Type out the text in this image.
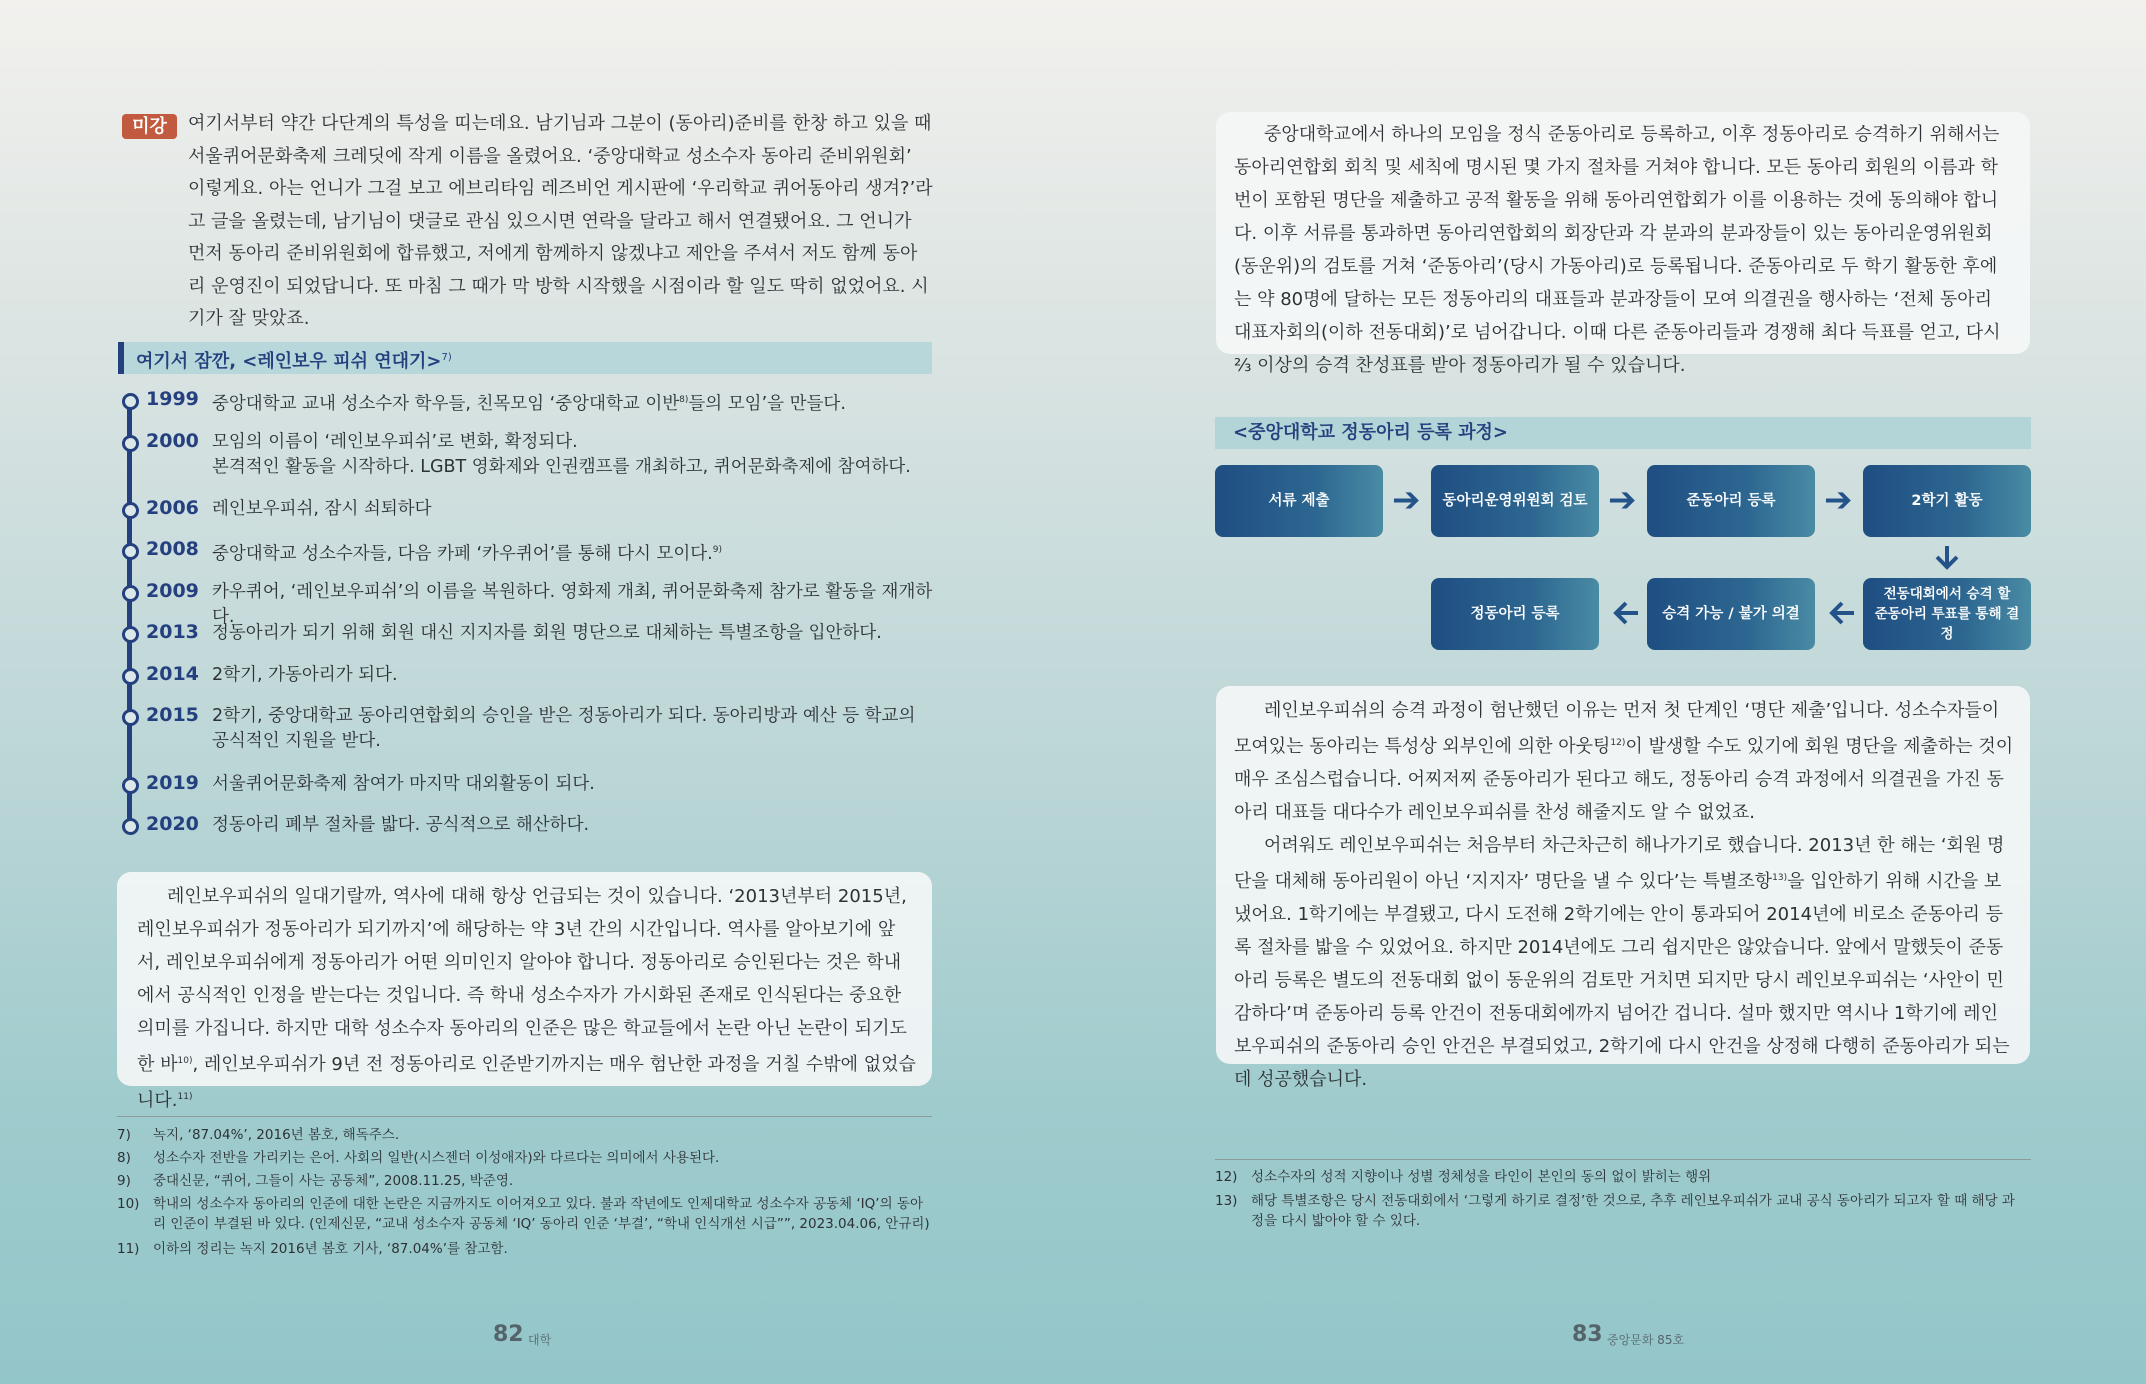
미강	여기서부터 약간 다단계의 특성을 띠는데요. 남기님과 그분이 (동아리)준비를 한창 하고 있을 때 서울퀴어문화축제 크레딧에 작게 이름을 올렸어요. ‘중앙대학교 성소수자 동아리 준비위원회’ 이렇게요. 아는 언니가 그걸 보고 에브리타임 레즈비언 게시판에 ‘우리학교 퀴어동아리 생겨?’라고 글을 올렸는데, 남기님이 댓글로 관심 있으시면 연락을 달라고 해서 연결됐어요. 그 언니가 먼저 동아리 준비위원회에 합류했고, 저에게 함께하지 않겠냐고 제안을 주셔서 저도 함께 동아리 운영진이 되었답니다. 또 마침 그 때가 막 방학 시작했을 시점이라 할 일도 딱히 없었어요. 시기가 잘 맞았죠.

여기서 잠깐, <레인보우 피쉬 연대기>$^{7)}$
1999 중앙대학교 교내 성소수자 학우들, 친목모임 ‘중앙대학교 이반$^{8)}$들의 모임’을 만들다.
2000 모임의 이름이 ‘레인보우피쉬’로 변화, 확정되다.
본격적인 활동을 시작하다. LGBT 영화제와 인권캠프를 개최하고, 퀴어문화축제에 참여하다.
2006 레인보우피쉬, 잠시 쇠퇴하다
2008 중앙대학교 성소수자들, 다음 카페 ‘카우퀴어’를 통해 다시 모이다.$^{9)}$
2009 카우퀴어, ‘레인보우피쉬’의 이름을 복원하다. 영화제 개최, 퀴어문화축제 참가로 활동을 재개하다.
2013 정동아리가 되기 위해 회원 대신 지지자를 회원 명단으로 대체하는 특별조항을 입안하다.
2014 2학기, 가동아리가 되다.
2015 2학기, 중앙대학교 동아리연합회의 승인을 받은 정동아리가 되다. 동아리방과 예산 등 학교의
공식적인 지원을 받다.
2019 서울퀴어문화축제 참여가 마지막 대외활동이 되다.
2020 정동아리 폐부 절차를 밟다. 공식적으로 해산하다.

레인보우피쉬의 일대기랄까, 역사에 대해 항상 언급되는 것이 있습니다. ‘2013년부터 2015년, 레인보우피쉬가 정동아리가 되기까지’에 해당하는 약 3년 간의 시간입니다. 역사를 알아보기에 앞서, 레인보우피쉬에게 정동아리가 어떤 의미인지 알아야 합니다. 정동아리로 승인된다는 것은 학내에서 공식적인 인정을 받는다는 것입니다. 즉 학내 성소수자가 가시화된 존재로 인식된다는 중요한 의미를 가집니다. 하지만 대학 성소수자 동아리의 인준은 많은 학교들에서 논란 아닌 논란이 되기도 한 바$^{10)}$, 레인보우피쉬가 9년 전 정동아리로 인준받기까지는 매우 험난한 과정을 거칠 수밖에 없었습니다.$^{11)}$

7) 녹지, ‘87.04%’, 2016년 봄호, 해독주스.
8) 성소수자 전반을 가리키는 은어. 사회의 일반(시스젠더 이성애자)와 다르다는 의미에서 사용된다.
9) 중대신문, “퀴어, 그들이 사는 공동체”, 2008.11.25, 박준영.
10) 학내의 성소수자 동아리의 인준에 대한 논란은 지금까지도 이어져오고 있다. 불과 작년에도 인제대학교 성소수자 공동체 ‘IQ’의 동아
리 인준이 부결된 바 있다. (인제신문, “교내 성소수자 공동체 ‘IQ’ 동아리 인준 ‘부결’, “학내 인식개선 시급””, 2023.04.06, 안규리)
11) 이하의 정리는 녹지 2016년 봄호 기사, ‘87.04%’를 참고함.
82 대학

중앙대학교에서 하나의 모임을 정식 준동아리로 등록하고, 이후 정동아리로 승격하기 위해서는 동아리연합회 회칙 및 세칙에 명시된 몇 가지 절차를 거쳐야 합니다. 모든 동아리 회원의 이름과 학번이 포함된 명단을 제출하고 공적 활동을 위해 동아리연합회가 이를 이용하는 것에 동의해야 합니다. 이후 서류를 통과하면 동아리연합회의 회장단과 각 분과의 분과장들이 있는 동아리운영위원회(동운위)의 검토를 거쳐 ‘준동아리’(당시 가동아리)로 등록됩니다. 준동아리로 두 학기 활동한 후에는 약 80명에 달하는 모든 정동아리의 대표들과 분과장들이 모여 의결권을 행사하는 ‘전체 동아리 대표자회의(이하 전동대회)’로 넘어갑니다. 이때 다른 준동아리들과 경쟁해 최다 득표를 얻고, 다시 ⅔ 이상의 승격 찬성표를 받아 정동아리가 될 수 있습니다.

<중앙대학교 정동아리 등록 과정>
서류 제출	➔	동아리운영위원회 검토 ➔	준동아리 등록	➔	2학기 활동
정동아리 등록	승격 가능 / 불가 의결
전동대회에서 승격 할
준동아리 투표를 통해 결정

레인보우피쉬의 승격 과정이 험난했던 이유는 먼저 첫 단계인 ‘명단 제출’입니다. 성소수자들이 모여있는 동아리는 특성상 외부인에 의한 아웃팅$^{12)}$이 발생할 수도 있기에 회원 명단을 제출하는 것이 매우 조심스럽습니다. 어찌저찌 준동아리가 된다고 해도, 정동아리 승격 과정에서 의결권을 가진 동아리 대표들 대다수가 레인보우피쉬를 찬성 해줄지도 알 수 없었죠.

어려워도 레인보우피쉬는 처음부터 차근차근히 해나가기로 했습니다. 2013년 한 해는 ‘회원 명단을 대체해 동아리원이 아닌 ‘지지자’ 명단을 낼 수 있다’는 특별조항$^{13)}$을 입안하기 위해 시간을 보냈어요. 1학기에는 부결됐고, 다시 도전해 2학기에는 안이 통과되어 2014년에 비로소 준동아리 등록 절차를 밟을 수 있었어요. 하지만 2014년에도 그리 쉽지만은 않았습니다. 앞에서 말했듯이 준동아리 등록은 별도의 전동대회 없이 동운위의 검토만 거치면 되지만 당시 레인보우피쉬는 ‘사안이 민감하다’며 준동아리 등록 안건이 전동대회에까지 넘어간 겁니다. 설마 했지만 역시나 1학기에 레인보우피쉬의 준동아리 승인 안건은 부결되었고, 2학기에 다시 안건을 상정해 다행히 준동아리가 되는 데 성공했습니다.

12) 성소수자의 성적 지향이나 성별 정체성을 타인이 본인의 동의 없이 밝히는 행위
13) 해당 특별조항은 당시 전동대회에서 ‘그렇게 하기로 결정’한 것으로, 추후 레인보우피쉬가 교내 공식 동아리가 되고자 할 때 해당 과
정을 다시 밟아야 할 수 있다.
83 중앙문화 85호
